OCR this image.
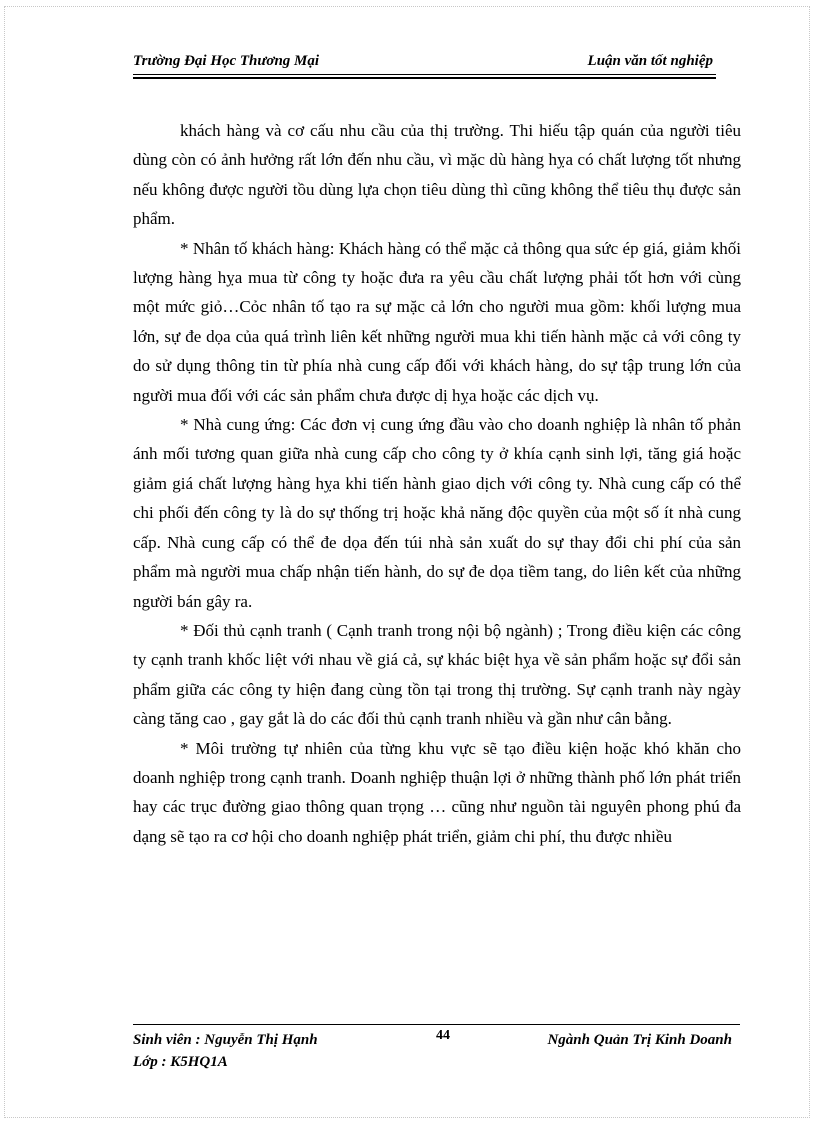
Trường Đại Học Thương Mại	Luận văn tốt nghiệp

khách hàng và cơ cấu nhu cầu của thị trường. Thi hiếu tập quán của người tiêu dùng còn có ảnh hưởng rất lớn đến nhu cầu, vì mặc dù hàng hỵa có chất lượng tốt nhưng nếu không được người tồu dùng lựa chọn tiêu dùng thì cũng không thể tiêu thụ được sản phẩm.

* Nhân tố khách hàng: Khách hàng có thể mặc cả thông qua sức ép giá, giảm khối lượng hàng hỵa mua từ công ty hoặc đưa ra yêu cầu chất lượng phải tốt hơn với cùng một mức giỏ…Cỏc nhân tố tạo ra sự mặc cả lớn cho người mua gồm: khối lượng mua lớn, sự đe dọa của quá trình liên kết những người mua khi tiến hành mặc cả với công ty do sử dụng thông tin từ phía nhà cung cấp đối với khách hàng, do sự tập trung lớn của người mua đối với các sản phẩm chưa được dị hỵa hoặc các dịch vụ.

* Nhà cung ứng: Các đơn vị cung ứng đầu vào cho doanh nghiệp là nhân tố phản ánh mối tương quan giữa nhà cung cấp cho công ty ở khía cạnh sinh lợi, tăng giá hoặc giảm giá chất lượng hàng hỵa khi tiến hành giao dịch với công ty. Nhà cung cấp có thể chi phối đến công ty là do sự thống trị hoặc khả năng độc quyền của một số ít nhà cung cấp. Nhà cung cấp có thể đe dọa đến túi nhà sản xuất do sự thay đổi chi phí của sản phẩm mà người mua chấp nhận tiến hành, do sự đe dọa tiềm tang, do liên kết của những người bán gây ra.

* Đối thủ cạnh tranh ( Cạnh tranh trong nội bộ ngành) ; Trong điều kiện các công ty cạnh tranh khốc liệt với nhau về giá cả, sự khác biệt hỵa về sản phẩm hoặc sự đổi sản phẩm giữa các công ty hiện đang cùng tồn tại trong thị trường. Sự cạnh tranh này ngày càng tăng cao , gay gắt là do các đối thủ cạnh tranh nhiều và gần như cân bằng.

* Môi trường tự nhiên của từng khu vực sẽ tạo điều kiện hoặc khó khăn cho doanh nghiệp trong cạnh tranh. Doanh nghiệp thuận lợi ở những thành phố lớn phát triển hay các trục đường giao thông quan trọng … cũng như nguồn tài nguyên phong phú đa dạng sẽ tạo ra cơ hội cho doanh nghiệp phát triển, giảm chi phí, thu được nhiều

Sinh viên : Nguyễn Thị Hạnh	44	Ngành Quản Trị Kinh Doanh
Lớp : K5HQ1A
